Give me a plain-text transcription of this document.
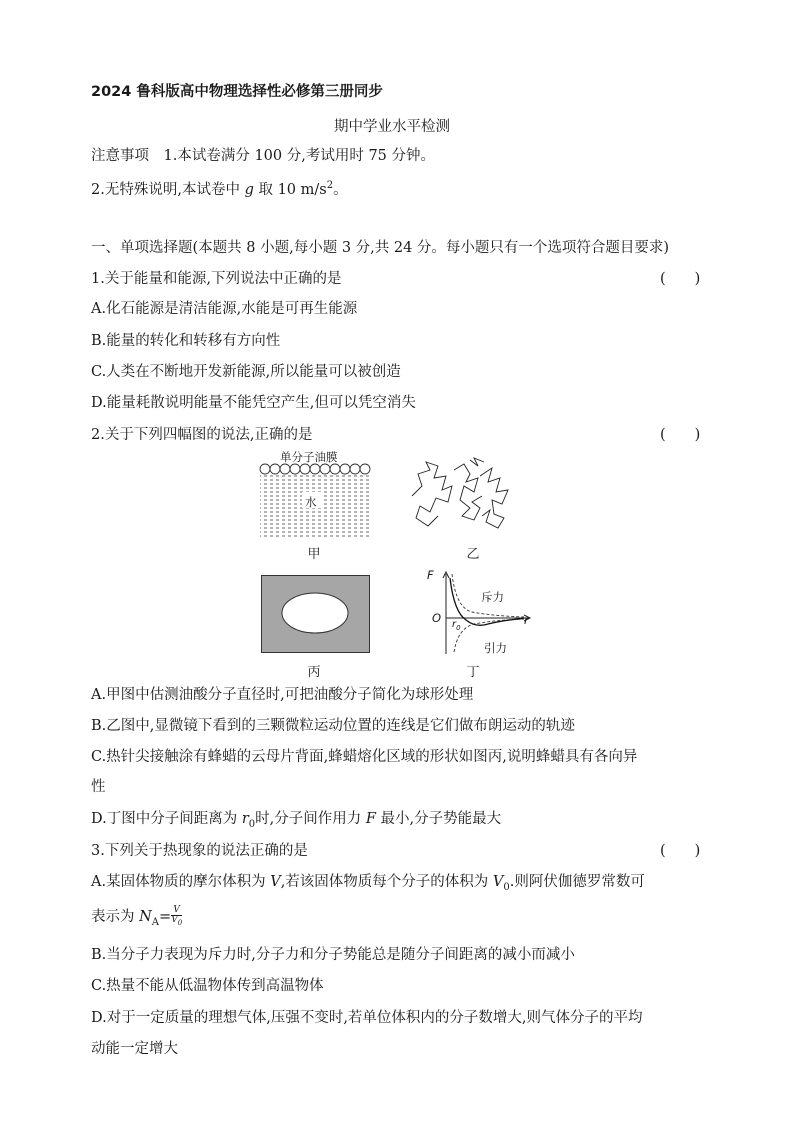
2024 鲁科版高中物理选择性必修第三册同步
期中学业水平检测
注意事项　1.本试卷满分 100 分,考试用时 75 分钟。
2.无特殊说明,本试卷中 g 取 10 $m/s^2$。
一、单项选择题(本题共 8 小题,每小题 3 分,共 24 分。每小题只有一个选项符合题目要求)
1.关于能量和能源,下列说法中正确的是	(　　)
A.化石能源是清洁能源,水能是可再生能源
B.能量的转化和转移有方向性
C.人类在不断地开发新能源,所以能量可以被创造
D.能量耗散说明能量不能凭空产生,但可以凭空消失
2.关于下列四幅图的说法,正确的是	(　　)
单分子油膜
水
甲	乙
丙
F
O	r
$r_0$
斥力
引力
丁
A.甲图中估测油酸分子直径时,可把油酸分子简化为球形处理
B.乙图中,显微镜下看到的三颗微粒运动位置的连线是它们做布朗运动的轨迹
C.热针尖接触涂有蜂蜡的云母片背面,蜂蜡熔化区域的形状如图丙,说明蜂蜡具有各向异
性
D.丁图中分子间距离为 $r_0$时,分子间作用力 F 最小,分子势能最大
3.下列关于热现象的说法正确的是	(　　)
A.某固体物质的摩尔体积为 V,若该固体物质每个分子的体积为 $V_0$.则阿伏伽德罗常数可
表示为 $N_A= \frac{V}{V_0}$
B.当分子力表现为斥力时,分子力和分子势能总是随分子间距离的减小而减小
C.热量不能从低温物体传到高温物体
D.对于一定质量的理想气体,压强不变时,若单位体积内的分子数增大,则气体分子的平均
动能一定增大
